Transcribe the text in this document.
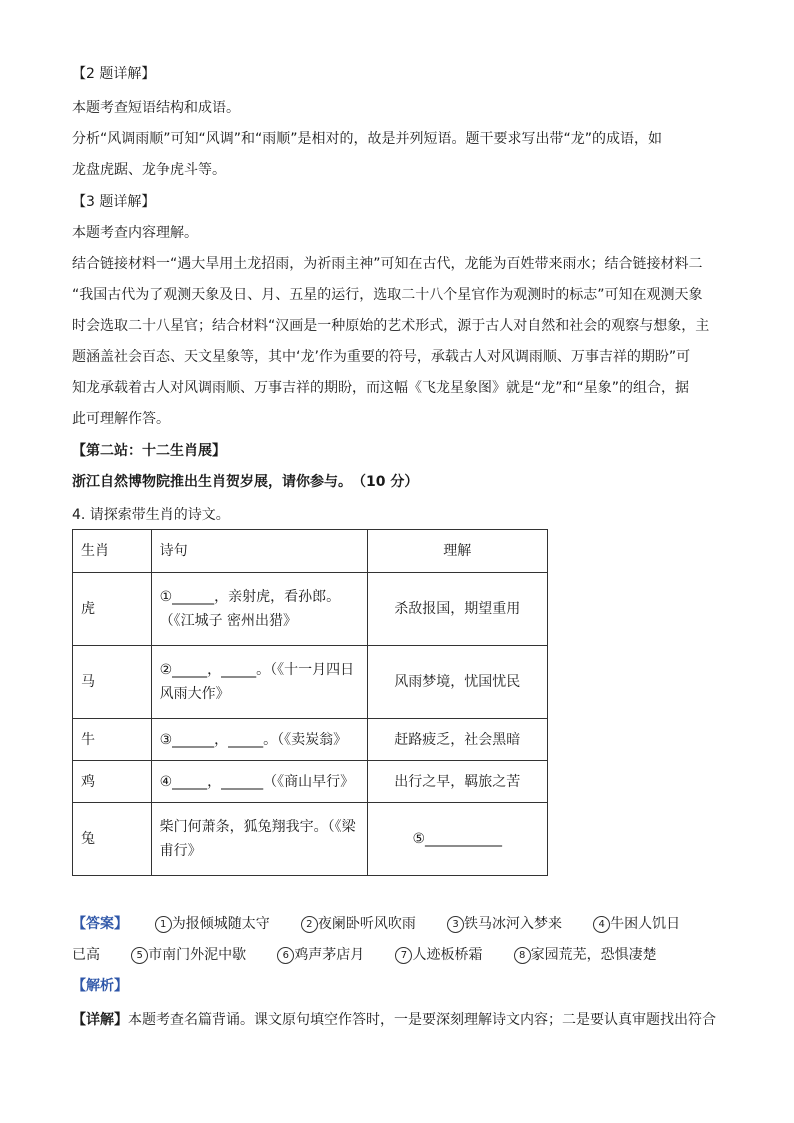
【2 题详解】
本题考查短语结构和成语。
分析“风调雨顺”可知“风调”和“雨顺”是相对的，故是并列短语。题干要求写出带“龙”的成语，如
龙盘虎踞、龙争虎斗等。
【3 题详解】
本题考查内容理解。
结合链接材料一“遇大旱用土龙招雨，为祈雨主神”可知在古代，龙能为百姓带来雨水；结合链接材料二
“我国古代为了观测天象及日、月、五星的运行，选取二十八个星官作为观测时的标志”可知在观测天象
时会选取二十八星官；结合材料“汉画是一种原始的艺术形式，源于古人对自然和社会的观察与想象，主
题涵盖社会百态、天文星象等，其中‘龙’作为重要的符号，承载古人对风调雨顺、万事吉祥的期盼”可
知龙承载着古人对风调雨顺、万事吉祥的期盼，而这幅《飞龙星象图》就是“龙”和“星象”的组合，据
此可理解作答。
【第二站：十二生肖展】
浙江自然博物院推出生肖贺岁展，请你参与。　（10 分）
4. 请探索带生肖的诗文。
生肖	诗句	理解
虎	①______，亲射虎，看孙郎。
（《江城子 密州出猎》	杀敌报国，期望重用
马	②_____，_____。（《十一月四日
风雨大作》	风雨梦境，忧国忧民
牛	③______，_____。（《卖炭翁》	赶路疲乏，社会黑暗
鸡	④_____，______（《商山早行》	出行之早，羁旅之苦
兔	柴门何萧条，狐兔翔我宇。（《梁
甫行》	⑤___________
【答案】	1 为报倾城随太守	2 夜阑卧听风吹雨	3 铁马冰河入梦来	4 牛困人饥日
已高	5 市南门外泥中歇	6 鸡声茅店月	7 人迹板桥霜	8 家园荒芜，恐惧凄楚
【解析】
【详解】本题考查名篇背诵。课文原句填空作答时，一是要深刻理解诗文内容；二是要认真审题找出符合
